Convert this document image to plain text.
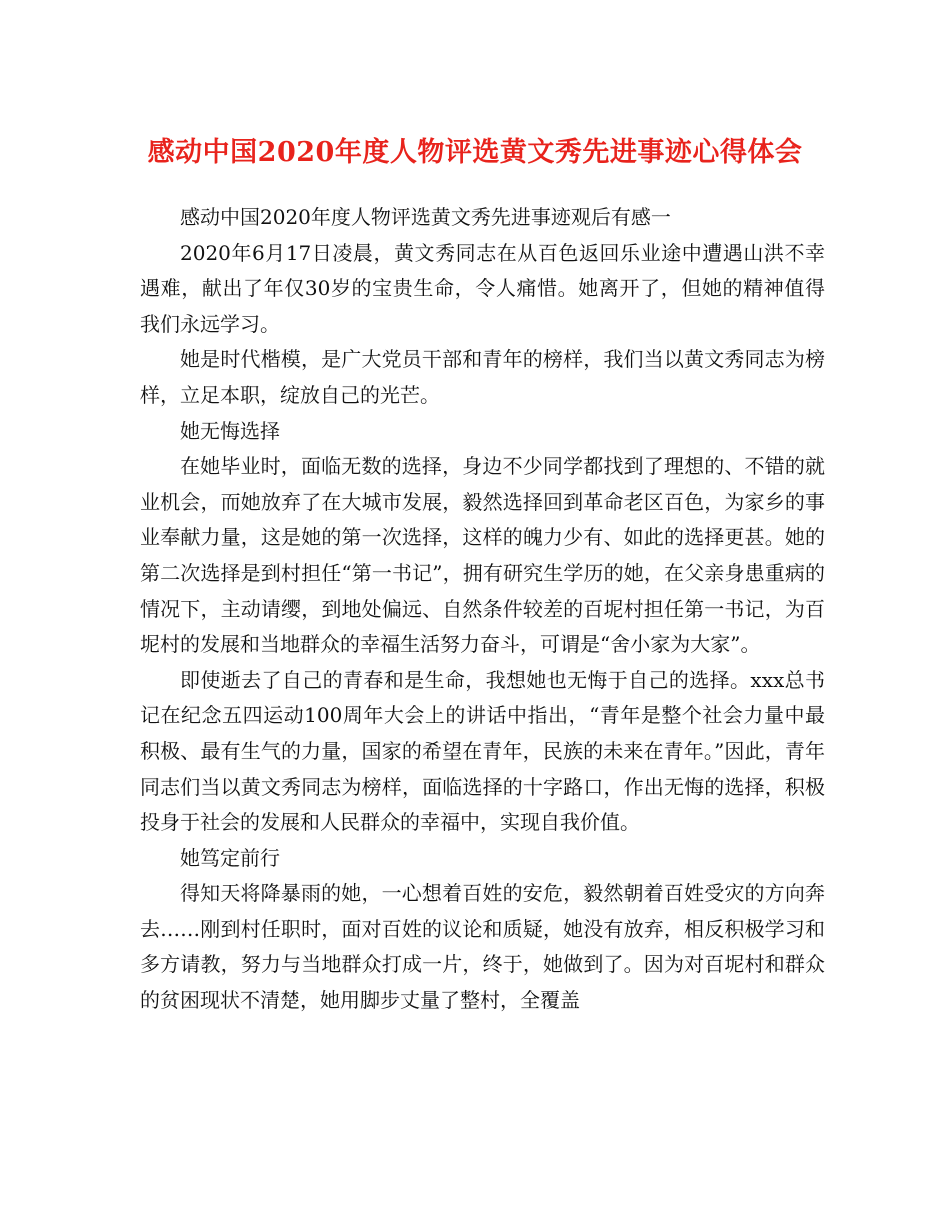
感动中国2020年度人物评选黄文秀先进事迹心得体会

感动中国2020年度人物评选黄文秀先进事迹观后有感一

2020年6月17日凌晨，黄文秀同志在从百色返回乐业途中遭遇山洪不幸遇难，献出了年仅30岁的宝贵生命，令人痛惜。她离开了，但她的精神值得我们永远学习。

她是时代楷模，是广大党员干部和青年的榜样，我们当以黄文秀同志为榜样，立足本职，绽放自己的光芒。

她无悔选择

在她毕业时，面临无数的选择，身边不少同学都找到了理想的、不错的就业机会，而她放弃了在大城市发展，毅然选择回到革命老区百色，为家乡的事业奉献力量，这是她的第一次选择，这样的魄力少有、如此的选择更甚。她的第二次选择是到村担任“第一书记”，拥有研究生学历的她，在父亲身患重病的情况下，主动请缨，到地处偏远、自然条件较差的百坭村担任第一书记，为百坭村的发展和当地群众的幸福生活努力奋斗，可谓是“舍小家为大家”。

即使逝去了自己的青春和是生命，我想她也无悔于自己的选择。xxx总书记在纪念五四运动100周年大会上的讲话中指出，“青年是整个社会力量中最积极、最有生气的力量，国家的希望在青年，民族的未来在青年。”因此，青年同志们当以黄文秀同志为榜样，面临选择的十字路口，作出无悔的选择，积极投身于社会的发展和人民群众的幸福中，实现自我价值。

她笃定前行

得知天将降暴雨的她，一心想着百姓的安危，毅然朝着百姓受灾的方向奔去……刚到村任职时，面对百姓的议论和质疑，她没有放弃，相反积极学习和多方请教，努力与当地群众打成一片，终于，她做到了。因为对百坭村和群众的贫困现状不清楚，她用脚步丈量了整村，全覆盖
